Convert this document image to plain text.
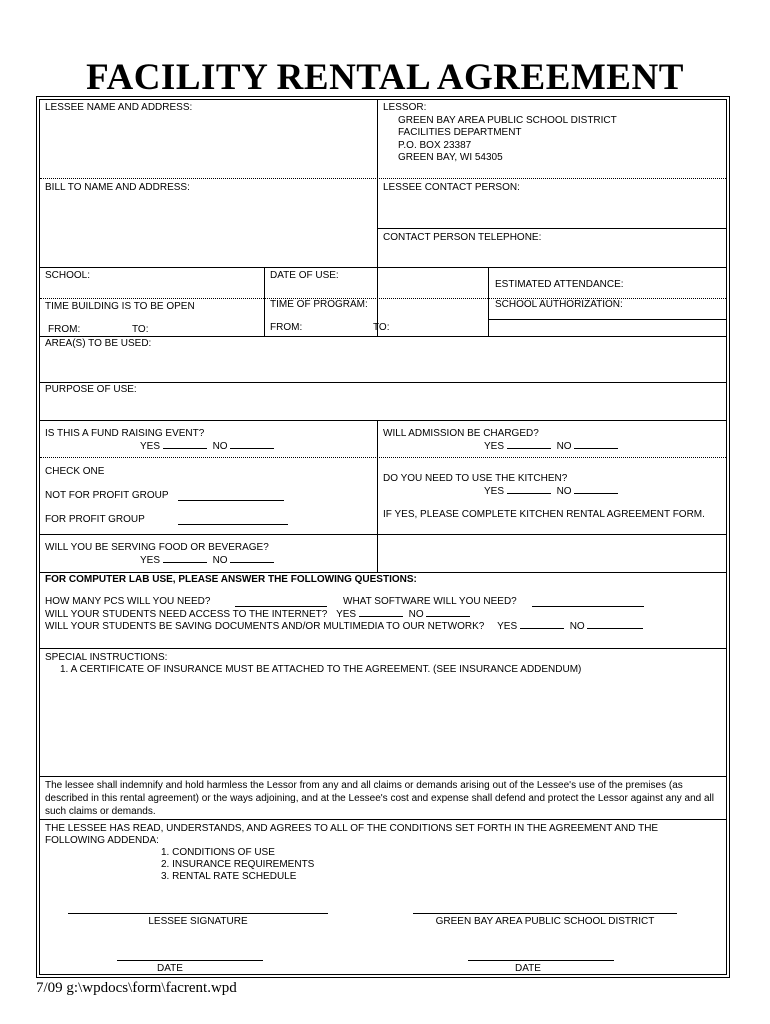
FACILITY RENTAL AGREEMENT
LESSEE NAME AND ADDRESS:	LESSOR:
GREEN BAY AREA PUBLIC SCHOOL DISTRICT
FACILITIES DEPARTMENT
P.O. BOX 23387
GREEN BAY, WI 54305
BILL TO NAME AND ADDRESS:	LESSEE CONTACT PERSON:
CONTACT PERSON TELEPHONE:
SCHOOL:	DATE OF USE:
ESTIMATED ATTENDANCE:
TIME BUILDING IS TO BE OPEN	TIME OF PROGRAM:	SCHOOL AUTHORIZATION:
FROM:	TO:	FROM:	TO:
AREA(S) TO BE USED:
PURPOSE OF USE:
IS THIS A FUND RAISING EVENT?
YES	NO
WILL ADMISSION BE CHARGED?
YES	NO
CHECK ONE
NOT FOR PROFIT GROUP
FOR PROFIT GROUP
DO YOU NEED TO USE THE KITCHEN?
YES	NO
IF YES, PLEASE COMPLETE KITCHEN RENTAL AGREEMENT FORM.
WILL YOU BE SERVING FOOD OR BEVERAGE?
YES	NO
FOR COMPUTER LAB USE, PLEASE ANSWER THE FOLLOWING QUESTIONS:
HOW MANY PCS WILL YOU NEED?	WHAT SOFTWARE WILL YOU NEED?
WILL YOUR STUDENTS NEED ACCESS TO THE INTERNET? YES	NO
WILL YOUR STUDENTS BE SAVING DOCUMENTS AND/OR MULTIMEDIA TO OUR NETWORK? YES	NO
SPECIAL INSTRUCTIONS:
1. A CERTIFICATE OF INSURANCE MUST BE ATTACHED TO THE AGREEMENT. (SEE INSURANCE ADDENDUM)
The lessee shall indemnify and hold harmless the Lessor from any and all claims or demands arising out of the Lessee's use of the premises (as described in this rental agreement) or the ways adjoining, and at the Lessee's cost and expense shall defend and protect the Lessor against any and all such claims or demands.
THE LESSEE HAS READ, UNDERSTANDS, AND AGREES TO ALL OF THE CONDITIONS SET FORTH IN THE AGREEMENT AND THE
FOLLOWING ADDENDA:
1. CONDITIONS OF USE
2. INSURANCE REQUIREMENTS
3. RENTAL RATE SCHEDULE
LESSEE SIGNATURE	GREEN BAY AREA PUBLIC SCHOOL DISTRICT
DATE	DATE
7/09 g:\wpdocs\form\facrent.wpd
